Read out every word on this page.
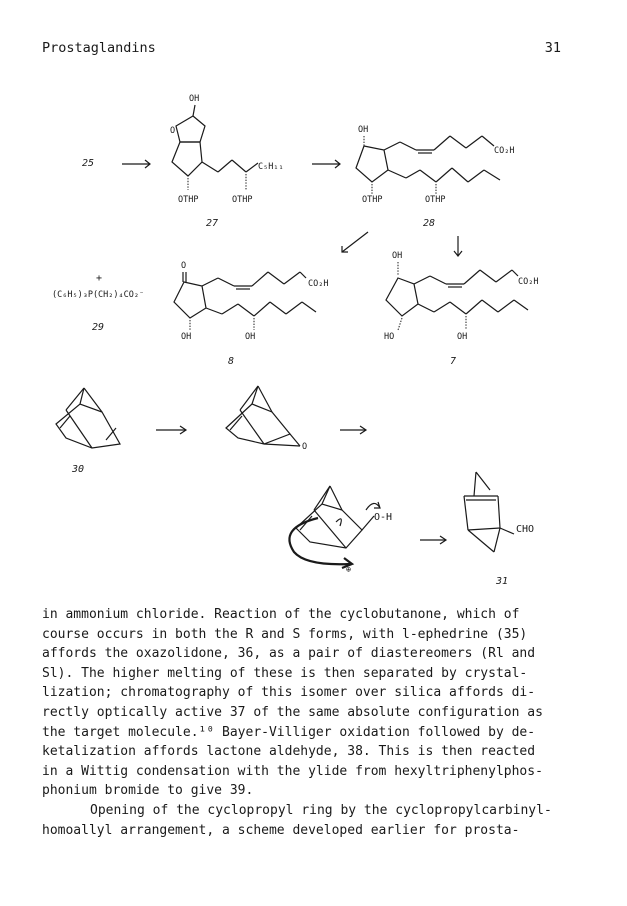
Prostaglandins	31
25
OH
O
C₅H₁₁
OTHP	OTHP
27
OH
CO₂H
OTHP	OTHP
28
+
(C₆H₅)₃P(CH₂)₄CO₂⁻
29
O
CO₂H
OH	OH
8
OH
CO₂H
HO	OH
7
30
O
O-H
⊕
CHO
31
in ammonium chloride. Reaction of the cyclobutanone, which of
course occurs in both the R and S forms, with l-ephedrine (35)
affords the oxazolidone, 36, as a pair of diastereomers (Rl and
Sl). The higher melting of these is then separated by crystal-
lization; chromatography of this isomer over silica affords di-
rectly optically active 37 of the same absolute configuration as
the target molecule.¹⁰ Bayer-Villiger oxidation followed by de-
ketalization affords lactone aldehyde, 38. This is then reacted
in a Wittig condensation with the ylide from hexyltriphenylphos-
phonium bromide to give 39.
Opening of the cyclopropyl ring by the cyclopropylcarbinyl-
homoallyl arrangement, a scheme developed earlier for prosta-
